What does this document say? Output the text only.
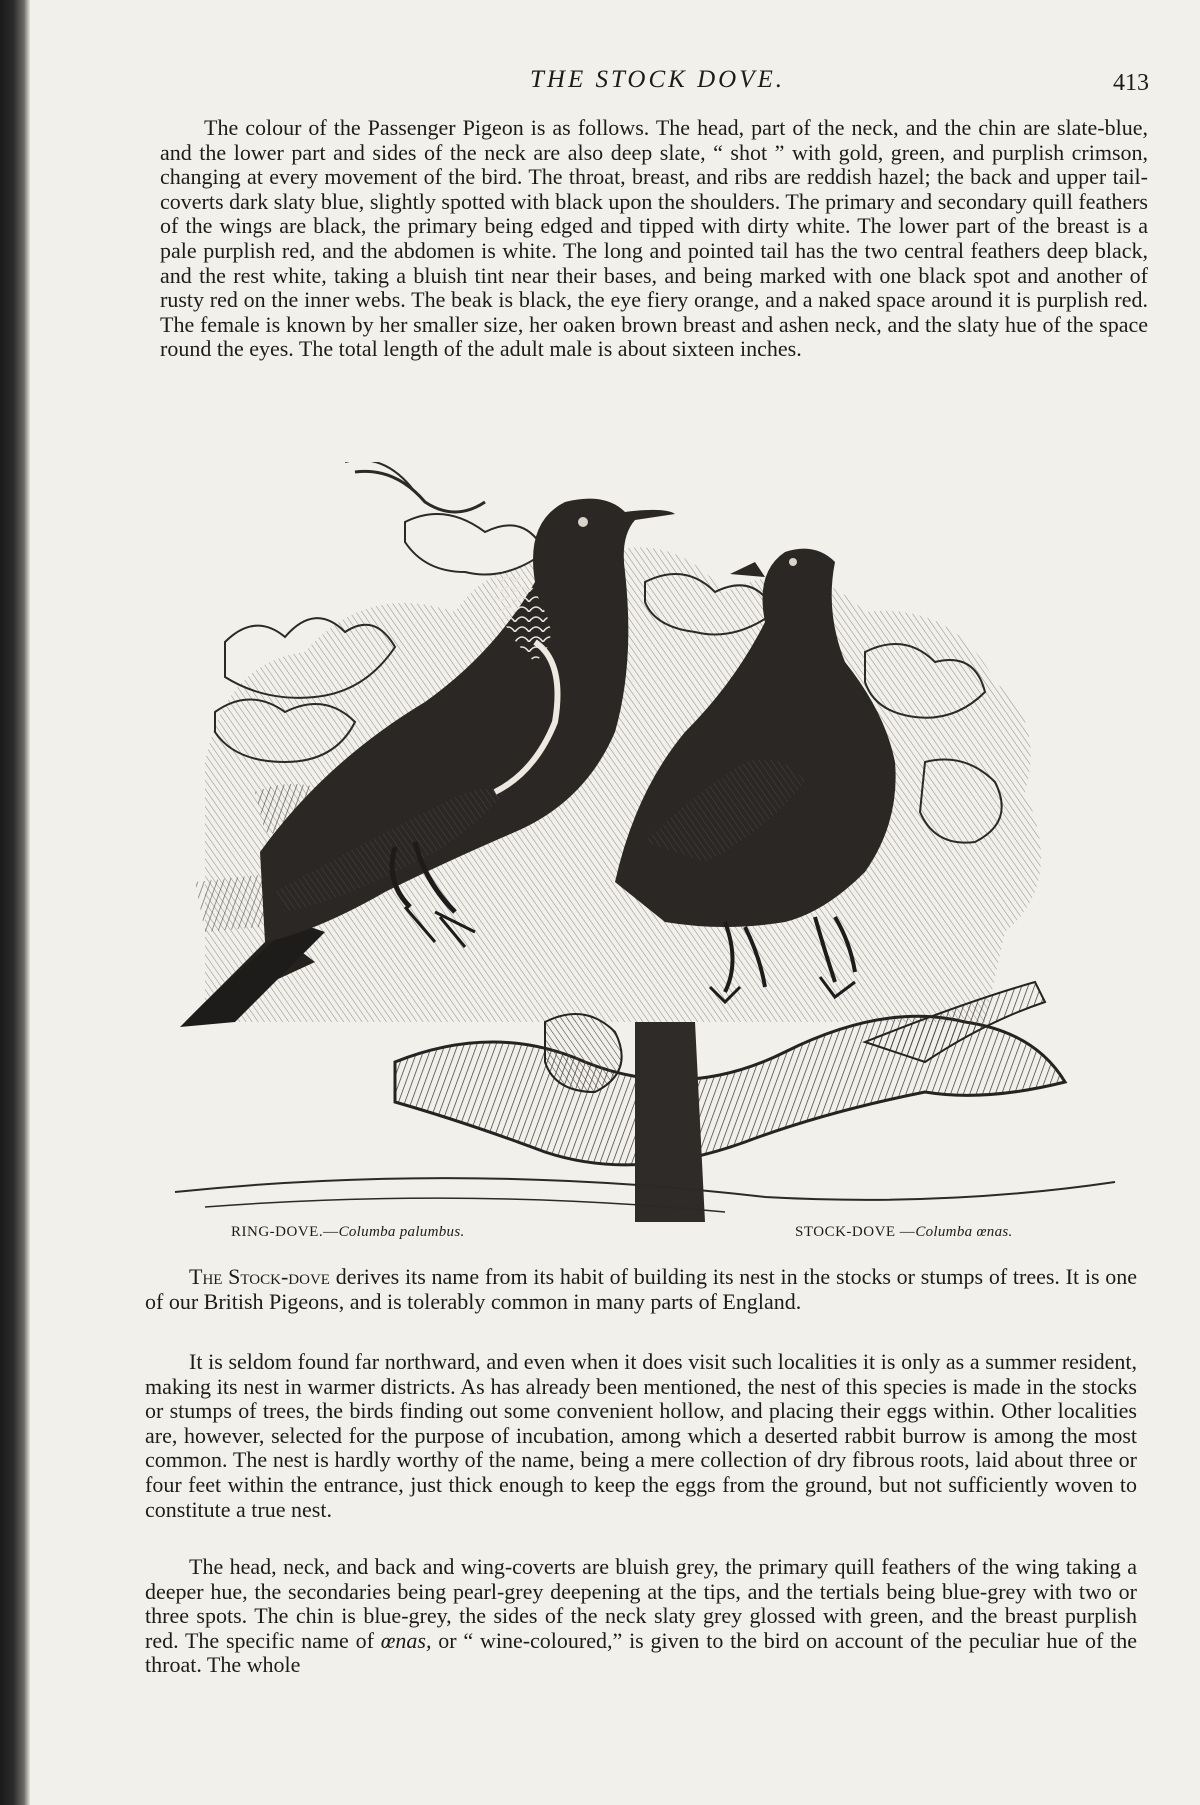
THE STOCK DOVE.	413

The colour of the Passenger Pigeon is as follows. The head, part of the neck, and the chin are slate-blue, and the lower part and sides of the neck are also deep slate, “ shot ” with gold, green, and purplish crimson, changing at every movement of the bird. The throat, breast, and ribs are reddish hazel; the back and upper tail-coverts dark slaty blue, slightly spotted with black upon the shoulders. The primary and secondary quill feathers of the wings are black, the primary being edged and tipped with dirty white. The lower part of the breast is a pale purplish red, and the abdomen is white. The long and pointed tail has the two central feathers deep black, and the rest white, taking a bluish tint near their bases, and being marked with one black spot and another of rusty red on the inner webs. The beak is black, the eye fiery orange, and a naked space around it is purplish red. The female is known by her smaller size, her oaken brown breast and ashen neck, and the slaty hue of the space round the eyes. The total length of the adult male is about sixteen inches.

RING-DOVE.—Columba palumbus.	STOCK-DOVE —Columba œnas.

The Stock-dove derives its name from its habit of building its nest in the stocks or stumps of trees. It is one of our British Pigeons, and is tolerably common in many parts of England.

It is seldom found far northward, and even when it does visit such localities it is only as a summer resident, making its nest in warmer districts. As has already been mentioned, the nest of this species is made in the stocks or stumps of trees, the birds finding out some convenient hollow, and placing their eggs within. Other localities are, however, selected for the purpose of incubation, among which a deserted rabbit burrow is among the most common. The nest is hardly worthy of the name, being a mere collection of dry fibrous roots, laid about three or four feet within the entrance, just thick enough to keep the eggs from the ground, but not sufficiently woven to constitute a true nest.

The head, neck, and back and wing-coverts are bluish grey, the primary quill feathers of the wing taking a deeper hue, the secondaries being pearl-grey deepening at the tips, and the tertials being blue-grey with two or three spots. The chin is blue-grey, the sides of the neck slaty grey glossed with green, and the breast purplish red. The specific name of œnas, or “ wine-coloured,” is given to the bird on account of the peculiar hue of the throat. The whole
